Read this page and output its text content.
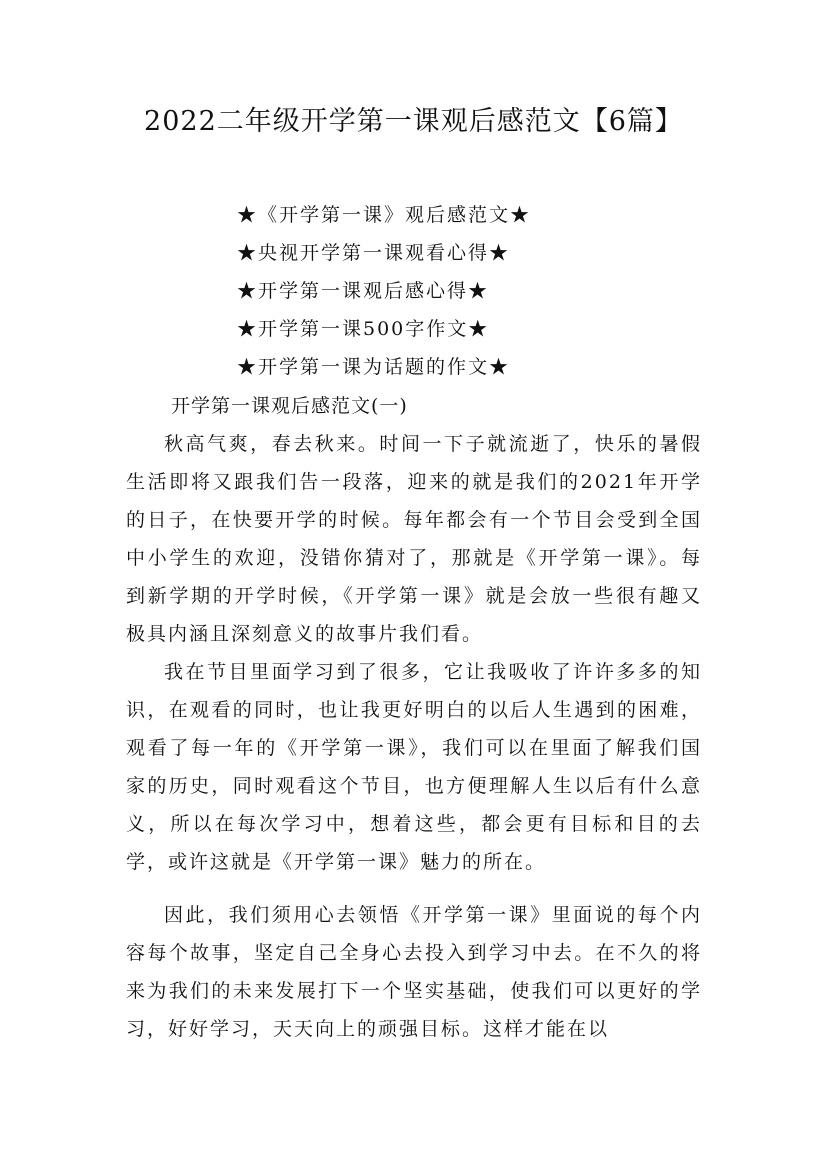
2022二年级开学第一课观后感范文【6篇】
★《开学第一课》观后感范文★
★央视开学第一课观看心得★
★开学第一课观后感心得★
★开学第一课500字作文★
★开学第一课为话题的作文★

开学第一课观后感范文(一)

秋高气爽，春去秋来。时间一下子就流逝了，快乐的暑假生活即将又跟我们告一段落，迎来的就是我们的2021年开学的日子，在快要开学的时候。每年都会有一个节目会受到全国中小学生的欢迎，没错你猜对了，那就是《开学第一课》。每到新学期的开学时候，《开学第一课》就是会放一些很有趣又极具内涵且深刻意义的故事片我们看。

我在节目里面学习到了很多，它让我吸收了许许多多的知识，在观看的同时，也让我更好明白的以后人生遇到的困难，观看了每一年的《开学第一课》，我们可以在里面了解我们国家的历史，同时观看这个节目，也方便理解人生以后有什么意义，所以在每次学习中，想着这些，都会更有目标和目的去学，或许这就是《开学第一课》魅力的所在。

因此，我们须用心去领悟《开学第一课》里面说的每个内容每个故事，坚定自己全身心去投入到学习中去。在不久的将来为我们的未来发展打下一个坚实基础，使我们可以更好的学习，好好学习，天天向上的顽强目标。这样才能在以
